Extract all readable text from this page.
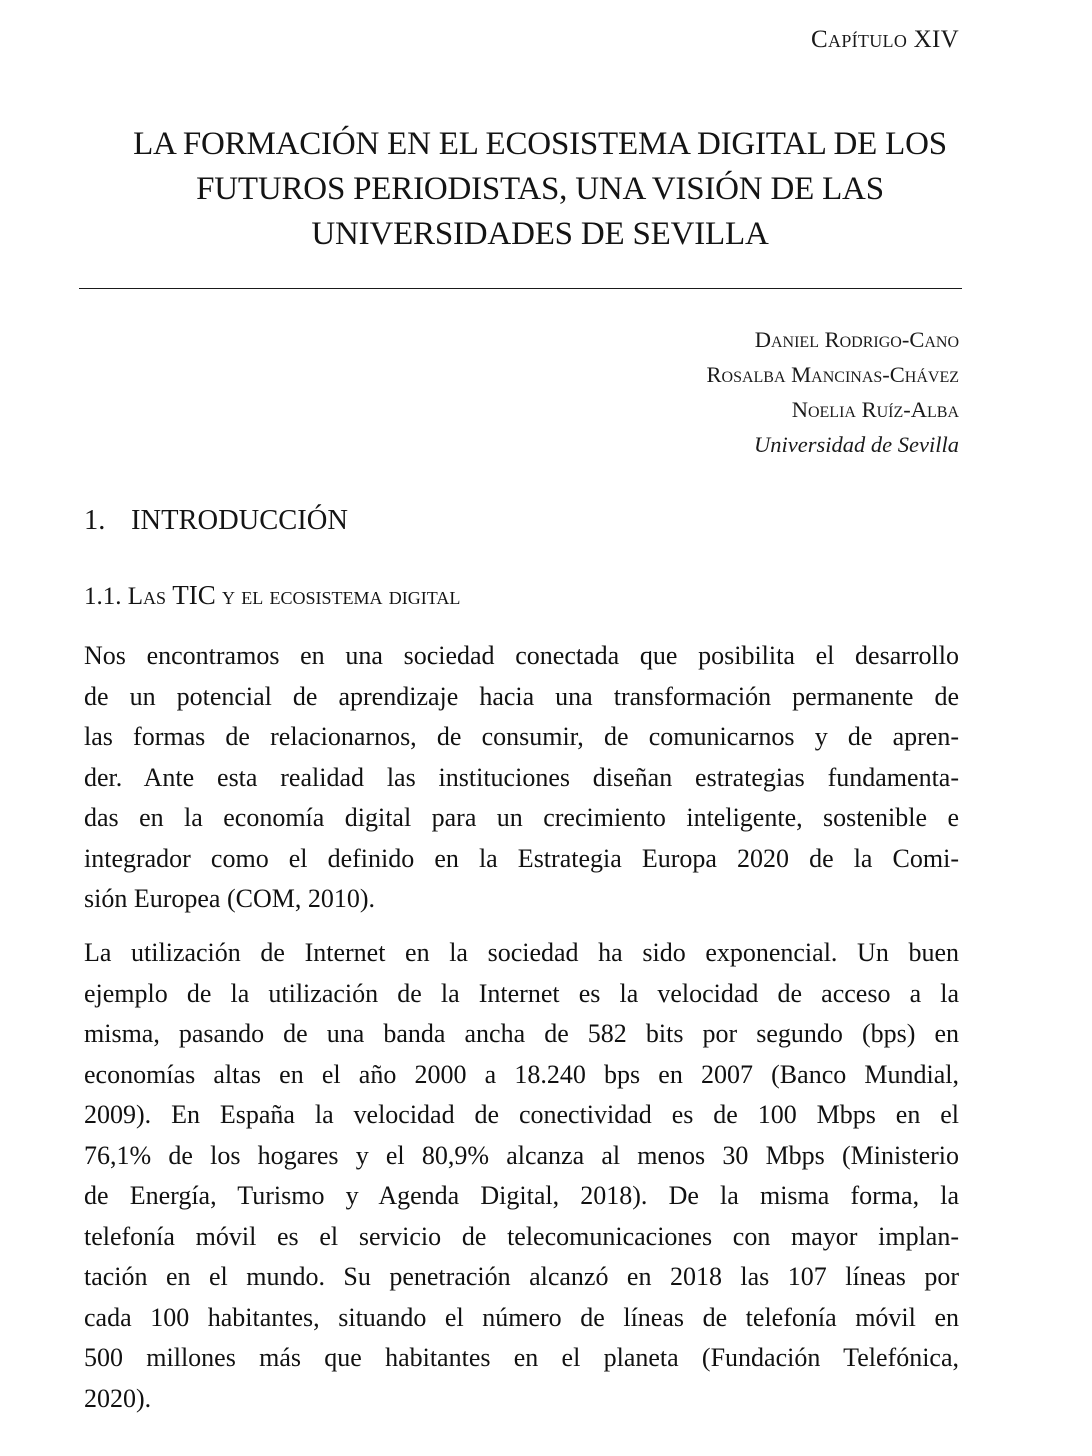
Capítulo XIV
LA FORMACIÓN EN EL ECOSISTEMA DIGITAL DE LOS
FUTUROS PERIODISTAS, UNA VISIÓN DE LAS
UNIVERSIDADES DE SEVILLA
Daniel Rodrigo-Cano
Rosalba Mancinas-Chávez
Noelia Ruíz-Alba
Universidad de Sevilla
1. INTRODUCCIÓN
1.1. Las TIC y el ecosistema digital
Nos encontramos en una sociedad conectada que posibilita el desarrollo
de un potencial de aprendizaje hacia una transformación permanente de
las formas de relacionarnos, de consumir, de comunicarnos y de apren-
der. Ante esta realidad las instituciones diseñan estrategias fundamenta-
das en la economía digital para un crecimiento inteligente, sostenible e
integrador como el definido en la Estrategia Europa 2020 de la Comi-
sión Europea (COM, 2010).
La utilización de Internet en la sociedad ha sido exponencial. Un buen
ejemplo de la utilización de la Internet es la velocidad de acceso a la
misma, pasando de una banda ancha de 582 bits por segundo (bps) en
economías altas en el año 2000 a 18.240 bps en 2007 (Banco Mundial,
2009). En España la velocidad de conectividad es de 100 Mbps en el
76,1% de los hogares y el 80,9% alcanza al menos 30 Mbps (Ministerio
de Energía, Turismo y Agenda Digital, 2018). De la misma forma, la
telefonía móvil es el servicio de telecomunicaciones con mayor implan-
tación en el mundo. Su penetración alcanzó en 2018 las 107 líneas por
cada 100 habitantes, situando el número de líneas de telefonía móvil en
500 millones más que habitantes en el planeta (Fundación Telefónica,
2020).
